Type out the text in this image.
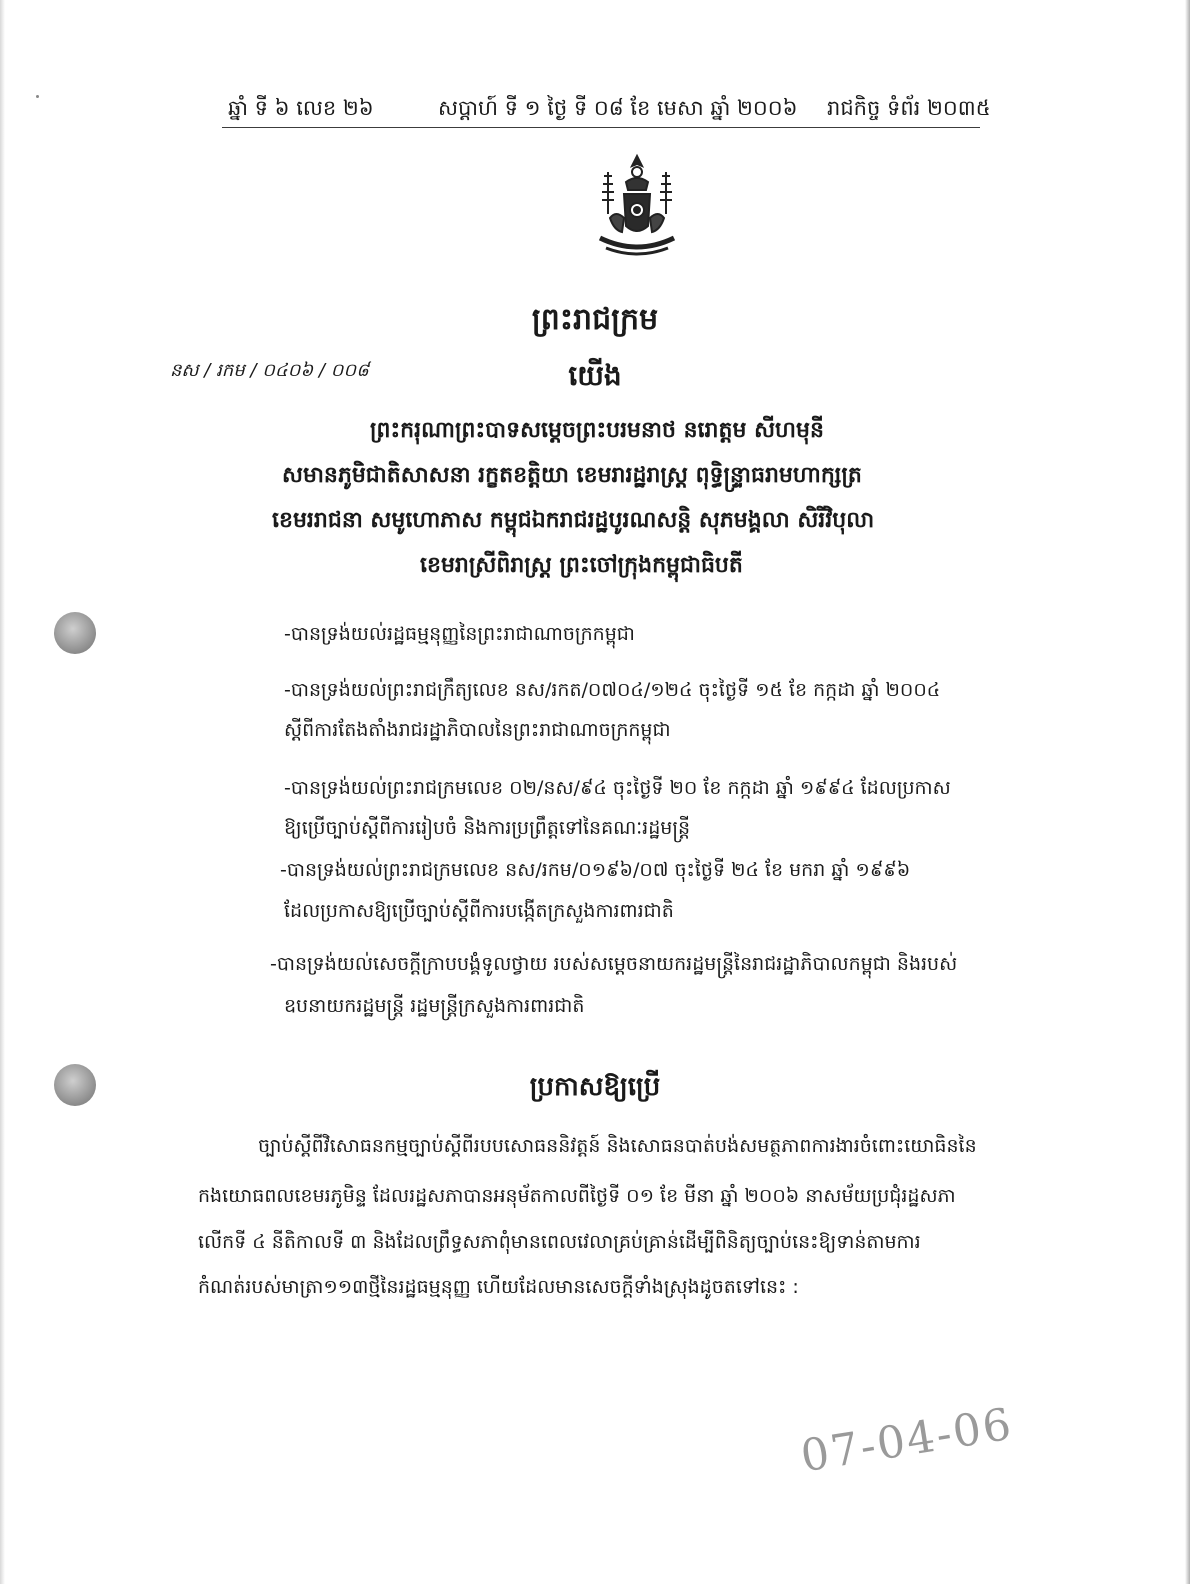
ឆ្នាំ ទី ៦ លេខ ២៦	សប្តាហ៍ ទី ១ ថ្ងៃ ទី ០៨ ខែ មេសា ឆ្នាំ ២០០៦ រាជកិច្ច ទំព័រ ២០៣៥
ព្រះរាជក្រម
នស / រកម / ០៤០៦ / ០០៨	យើង
ព្រះករុណាព្រះបាទសម្តេចព្រះបរមនាថ នរោត្តម សីហមុនី
សមានភូមិជាតិសាសនា រក្ខតខត្តិយា ខេមរារដ្ឋរាស្ត្រ ពុទ្ធិន្ទ្រាធរាមហាក្សត្រ
ខេមររាជនា សមូហោភាស កម្ពុជឯករាជរដ្ឋបូរណសន្តិ សុភមង្គលា សិរីវិបុលា
ខេមរាស្រីពិរាស្ត្រ ព្រះចៅក្រុងកម្ពុជាធិបតី
-បានទ្រង់យល់រដ្ឋធម្មនុញ្ញនៃព្រះរាជាណាចក្រកម្ពុជា
-បានទ្រង់យល់ព្រះរាជក្រឹត្យលេខ នស/រកត/០៧០៤/១២៤ ចុះថ្ងៃទី ១៥ ខែ កក្កដា ឆ្នាំ ២០០៤
ស្តីពីការតែងតាំងរាជរដ្ឋាភិបាលនៃព្រះរាជាណាចក្រកម្ពុជា
-បានទ្រង់យល់ព្រះរាជក្រមលេខ ០២/នស/៩៤ ចុះថ្ងៃទី ២០ ខែ កក្កដា ឆ្នាំ ១៩៩៤ ដែលប្រកាស
ឱ្យប្រើច្បាប់ស្តីពីការរៀបចំ និងការប្រព្រឹត្តទៅនៃគណៈរដ្ឋមន្ត្រី
-បានទ្រង់យល់ព្រះរាជក្រមលេខ នស/រកម/០១៩៦/០៧ ចុះថ្ងៃទី ២៤ ខែ មករា ឆ្នាំ ១៩៩៦
ដែលប្រកាសឱ្យប្រើច្បាប់ស្តីពីការបង្កើតក្រសួងការពារជាតិ
-បានទ្រង់យល់សេចក្តីក្រាបបង្គំទូលថ្វាយ របស់សម្តេចនាយករដ្ឋមន្ត្រីនៃរាជរដ្ឋាភិបាលកម្ពុជា និងរបស់
ឧបនាយករដ្ឋមន្ត្រី រដ្ឋមន្ត្រីក្រសួងការពារជាតិ
ប្រកាសឱ្យប្រើ
ច្បាប់ស្តីពីវិសោធនកម្មច្បាប់ស្តីពីរបបសោធននិវត្តន៍ និងសោធនបាត់បង់សមត្ថភាពការងារចំពោះយោធិននៃ
កងយោធពលខេមរភូមិន្ទ ដែលរដ្ឋសភាបានអនុម័តកាលពីថ្ងៃទី ០១ ខែ មីនា ឆ្នាំ ២០០៦ នាសម័យប្រជុំរដ្ឋសភា
លើកទី ៤ នីតិកាលទី ៣ និងដែលព្រឹទ្ធសភាពុំមានពេលវេលាគ្រប់គ្រាន់ដើម្បីពិនិត្យច្បាប់នេះឱ្យទាន់តាមការ
កំណត់របស់មាត្រា១១៣ថ្មីនៃរដ្ឋធម្មនុញ្ញ ហើយដែលមានសេចក្តីទាំងស្រុងដូចតទៅនេះ :
07-04-06
